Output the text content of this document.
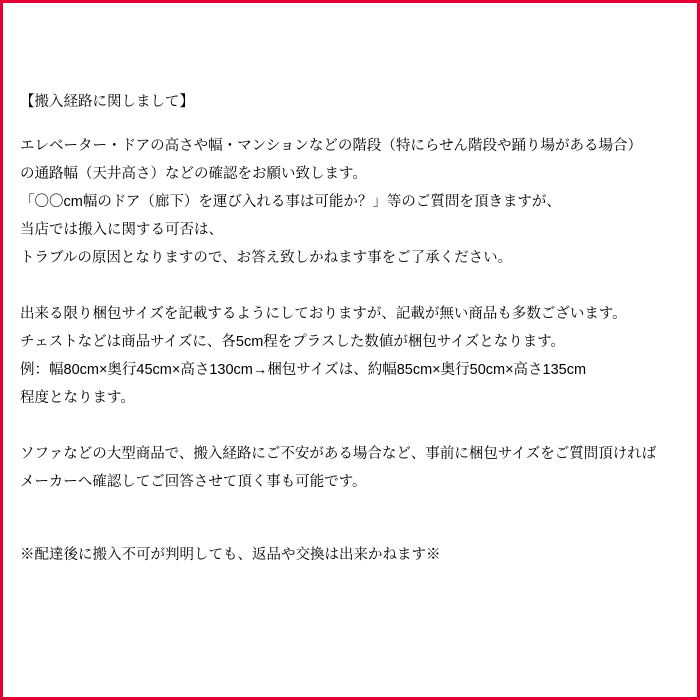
【搬入経路に関しまして】
エレベーター・ドアの高さや幅・マンションなどの階段（特にらせん階段や踊り場がある場合）
の通路幅（天井高さ）などの確認をお願い致します。
「〇〇cm幅のドア（廊下）を運び入れる事は可能か？」等のご質問を頂きますが、
当店では搬入に関する可否は、
トラブルの原因となりますので、お答え致しかねます事をご了承ください。
出来る限り梱包サイズを記載するようにしておりますが、記載が無い商品も多数ございます。
チェストなどは商品サイズに、各5cm程をプラスした数値が梱包サイズとなります。
例：幅80cm×奥行45cm×高さ130cm→梱包サイズは、約幅85cm×奥行50cm×高さ135cm
程度となります。
ソファなどの大型商品で、搬入経路にご不安がある場合など、事前に梱包サイズをご質問頂ければ
メーカーへ確認してご回答させて頂く事も可能です。
※配達後に搬入不可が判明しても、返品や交換は出来かねます※
